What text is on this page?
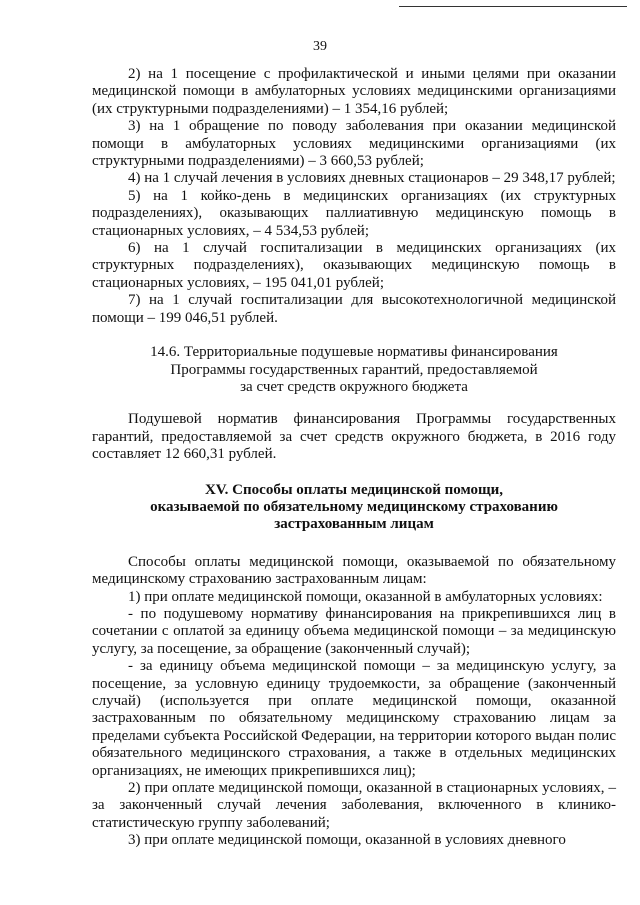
39

2) на 1 посещение с профилактической и иными целями при оказании медицинской помощи в амбулаторных условиях медицинскими организациями (их структурными подразделениями) – 1 354,16 рублей;

3) на 1 обращение по поводу заболевания при оказании медицинской помощи в амбулаторных условиях медицинскими организациями (их структурными подразделениями) – 3 660,53 рублей;

4) на 1 случай лечения в условиях дневных стационаров – 29 348,17 рублей;

5) на 1 койко-день в медицинских организациях (их структурных подразделениях), оказывающих паллиативную медицинскую помощь в стационарных условиях, – 4 534,53 рублей;

6) на 1 случай госпитализации в медицинских организациях (их структурных подразделениях), оказывающих медицинскую помощь в стационарных условиях, – 195 041,01 рублей;

7) на 1 случай госпитализации для высокотехнологичной медицинской помощи – 199 046,51 рублей.

14.6. Территориальные подушевые нормативы финансирования

Программы государственных гарантий, предоставляемой

за счет средств окружного бюджета

Подушевой норматив финансирования Программы государственных гарантий, предоставляемой за счет средств окружного бюджета, в 2016 году составляет 12 660,31 рублей.

XV. Способы оплаты медицинской помощи,

оказываемой по обязательному медицинскому страхованию

застрахованным лицам

Способы оплаты медицинской помощи, оказываемой по обязательному медицинскому страхованию застрахованным лицам:

1) при оплате медицинской помощи, оказанной в амбулаторных условиях:

- по подушевому нормативу финансирования на прикрепившихся лиц в сочетании с оплатой за единицу объема медицинской помощи – за медицинскую услугу, за посещение, за обращение (законченный случай);

- за единицу объема медицинской помощи – за медицинскую услугу, за посещение, за условную единицу трудоемкости, за обращение (законченный случай) (используется при оплате медицинской помощи, оказанной застрахованным по обязательному медицинскому страхованию лицам за пределами субъекта Российской Федерации, на территории которого выдан полис обязательного медицинского страхования, а также в отдельных медицинских организациях, не имеющих прикрепившихся лиц);

2) при оплате медицинской помощи, оказанной в стационарных условиях, – за законченный случай лечения заболевания, включенного в клинико-статистическую группу заболеваний;

3) при оплате медицинской помощи, оказанной в условиях дневного
